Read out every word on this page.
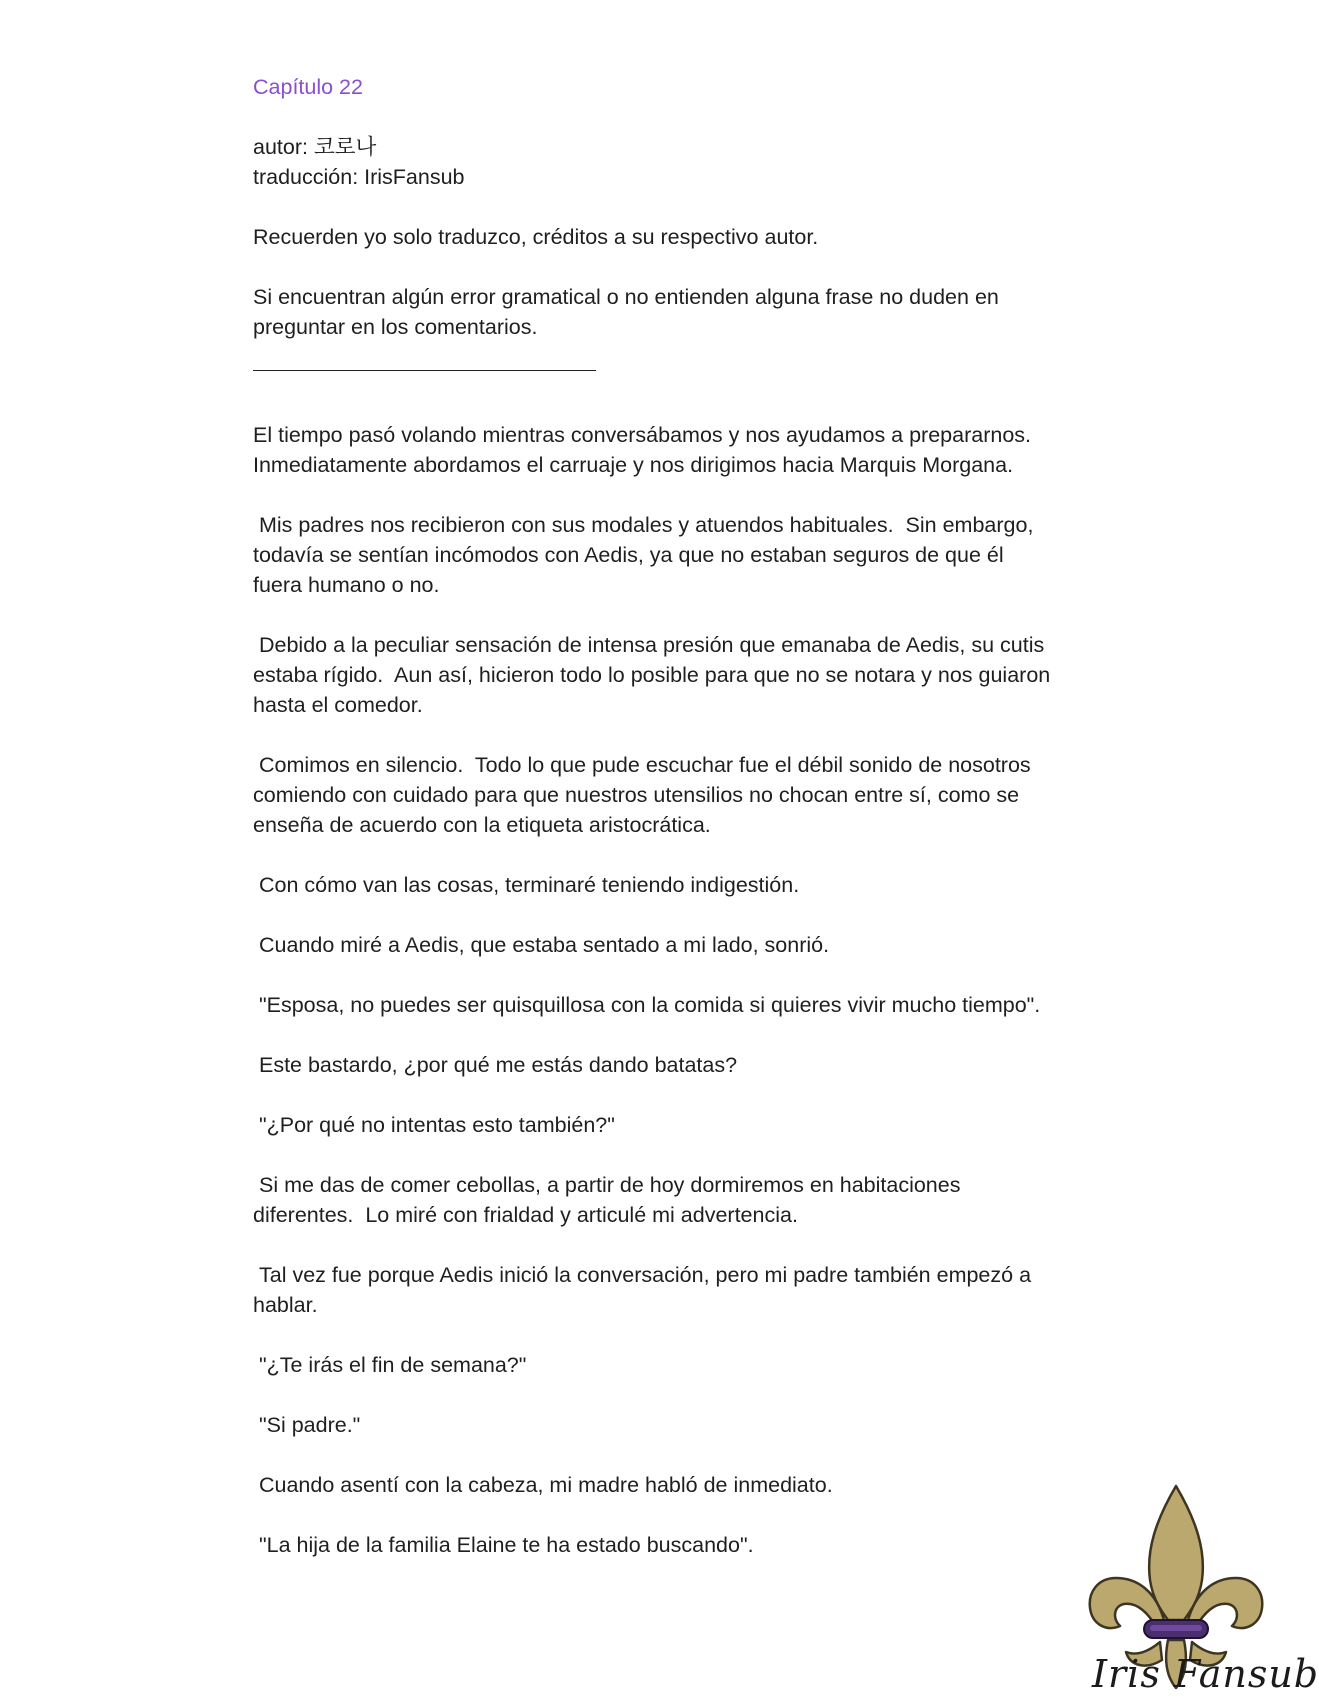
Capítulo 22
autor: 코로나
traducción: IrisFansub

Recuerden yo solo traduzco, créditos a su respectivo autor.

Si encuentran algún error gramatical o no entienden alguna frase no duden en preguntar en los comentarios.

El tiempo pasó volando mientras conversábamos y nos ayudamos a prepararnos.  Inmediatamente abordamos el carruaje y nos dirigimos hacia Marquis Morgana.

Mis padres nos recibieron con sus modales y atuendos habituales.  Sin embargo, todavía se sentían incómodos con Aedis, ya que no estaban seguros de que él fuera humano o no.

Debido a la peculiar sensación de intensa presión que emanaba de Aedis, su cutis estaba rígido.  Aun así, hicieron todo lo posible para que no se notara y nos guiaron hasta el comedor.

Comimos en silencio.  Todo lo que pude escuchar fue el débil sonido de nosotros comiendo con cuidado para que nuestros utensilios no chocan entre sí, como se enseña de acuerdo con la etiqueta aristocrática.

Con cómo van las cosas, terminaré teniendo indigestión.

Cuando miré a Aedis, que estaba sentado a mi lado, sonrió.

"Esposa, no puedes ser quisquillosa con la comida si quieres vivir mucho tiempo".

Este bastardo, ¿por qué me estás dando batatas?

"¿Por qué no intentas esto también?"

Si me das de comer cebollas, a partir de hoy dormiremos en habitaciones diferentes.  Lo miré con frialdad y articulé mi advertencia.

Tal vez fue porque Aedis inició la conversación, pero mi padre también empezó a hablar.

"¿Te irás el fin de semana?"

"Si padre."

Cuando asentí con la cabeza, mi madre habló de inmediato.

"La hija de la familia Elaine te ha estado buscando".

Iris Fansub
